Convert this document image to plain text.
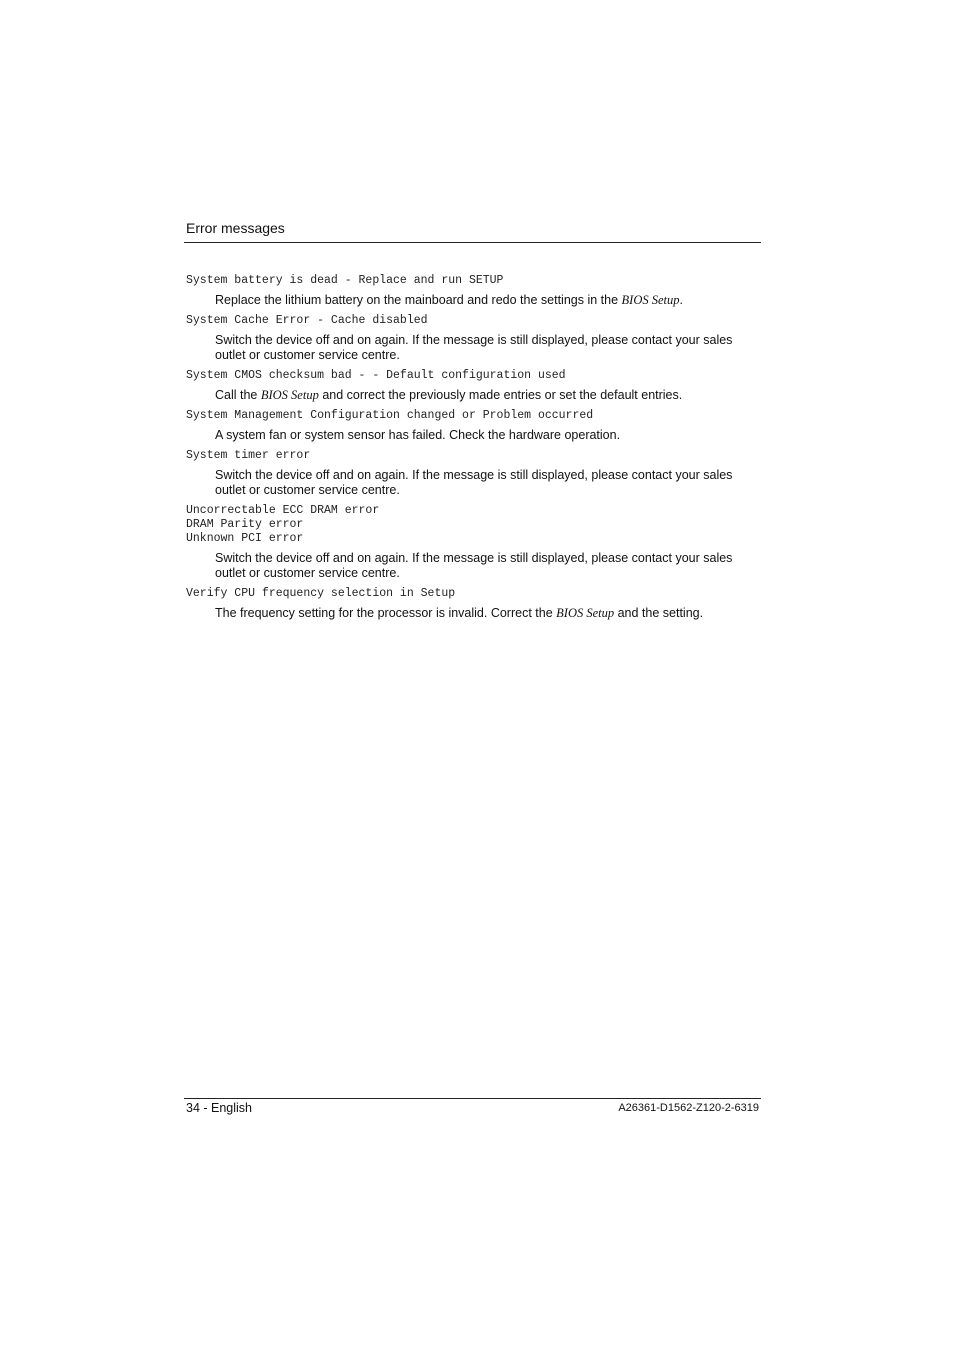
Error messages

System battery is dead - Replace and run SETUP

Replace the lithium battery on the mainboard and redo the settings in the BIOS Setup.

System Cache Error - Cache disabled

Switch the device off and on again. If the message is still displayed, please contact your sales outlet or customer service centre.

System CMOS checksum bad - - Default configuration used

Call the BIOS Setup and correct the previously made entries or set the default entries.

System Management Configuration changed or Problem occurred

A system fan or system sensor has failed. Check the hardware operation.

System timer error

Switch the device off and on again. If the message is still displayed, please contact your sales outlet or customer service centre.

Uncorrectable ECC DRAM error

DRAM Parity error

Unknown PCI error

Switch the device off and on again. If the message is still displayed, please contact your sales outlet or customer service centre.

Verify CPU frequency selection in Setup

The frequency setting for the processor is invalid. Correct the BIOS Setup and the setting.

34 - English	A26361-D1562-Z120-2-6319
